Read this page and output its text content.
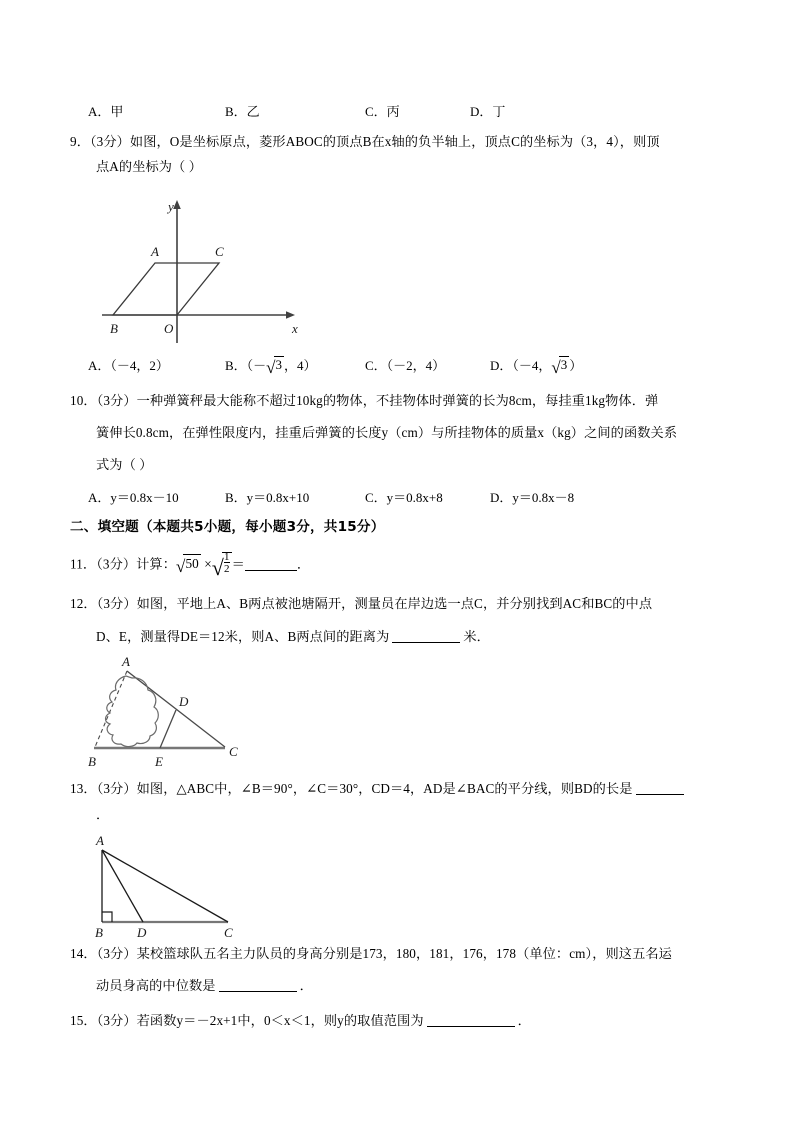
A．甲	B．乙	C．丙	D．丁
9．（3分）如图，O是坐标原点，菱形ABOC的顶点B在x轴的负半轴上，顶点C的坐标为（3，4），则顶
点A的坐标为（ ）
A
B	O
C
y
x
A．（－4，2）	B．（－√3 ，4）	C．（－2，4）	D．（－4，√3 ）
10．（3分）一种弹簧秤最大能称不超过10kg的物体，不挂物体时弹簧的长为8cm，每挂重1kg物体．弹
簧伸长0.8cm，在弹性限度内，挂重后弹簧的长度y（cm）与所挂物体的质量x（kg）之间的函数关系
式为（ ）
A．y＝0.8x－10	B．y＝0.8x+10	C．y＝0.8x+8	D．y＝0.8x－8
二、填空题（本题共5小题，每小题3分，共15分）
11．（3分）计算：$√50 \times√\frac{1}{2}$ ＝	．
12．（3分）如图，平地上A、B两点被池塘隔开，测量员在岸边选一点C，并分别找到AC和BC的中点
D、E，测量得DE＝12米，则A、B两点间的距离为	米．
A
B
C
D
E
13．（3分）如图，△ABC中，∠B＝90°，∠C＝30°，CD＝4，AD是∠BAC的平分线，则BD的长是
．
A
B	D	C
14．（3分）某校篮球队五名主力队员的身高分别是173，180，181，176，178（单位：cm），则这五名运
动员身高的中位数是	．
15．（3分）若函数y＝－2x+1中，0＜x＜1，则y的取值范围为	．
